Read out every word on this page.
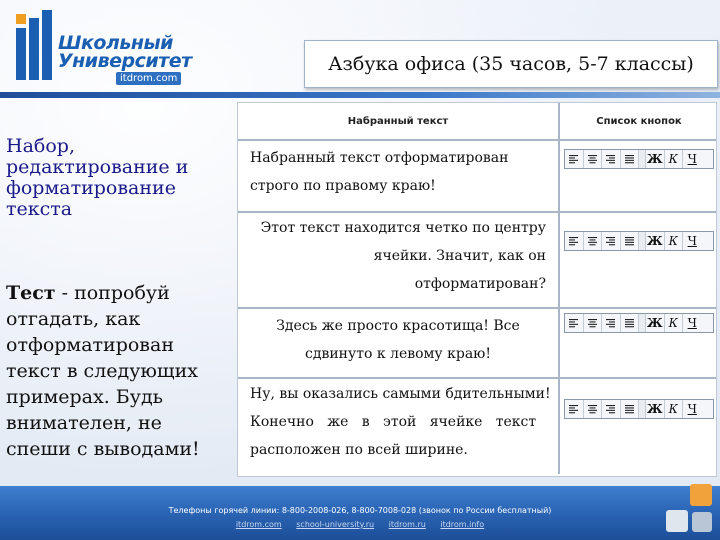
Школьный
Университет
itdrom.com
Азбука офиса (35 часов, 5-7 классы)
Набор, редактирование и форматирование текста
Тест - попробуй отгадать, как отформатирован текст в следующих примерах. Будь внимателен, не спеши с выводами!
Набранный текст	Список кнопок
Набранный текст отформатирован
строго по правому краю!
Ж К Ч
Этот текст находится четко по центру
ячейки. Значит, как он
отформатирован?
Ж К Ч
Здесь же просто красотища! Все
сдвинуто к левому краю!
Ж К Ч
Ну, вы оказались самыми бдительными!
Конечно   же   в   этой   ячейке   текст
расположен по всей ширине.
Ж К Ч
Телефоны горячей линии: 8-800-2008-026, 8-800-7008-028 (звонок по России бесплатный)
itdrom.com school-university.ru itdrom.ru itdrom.info
